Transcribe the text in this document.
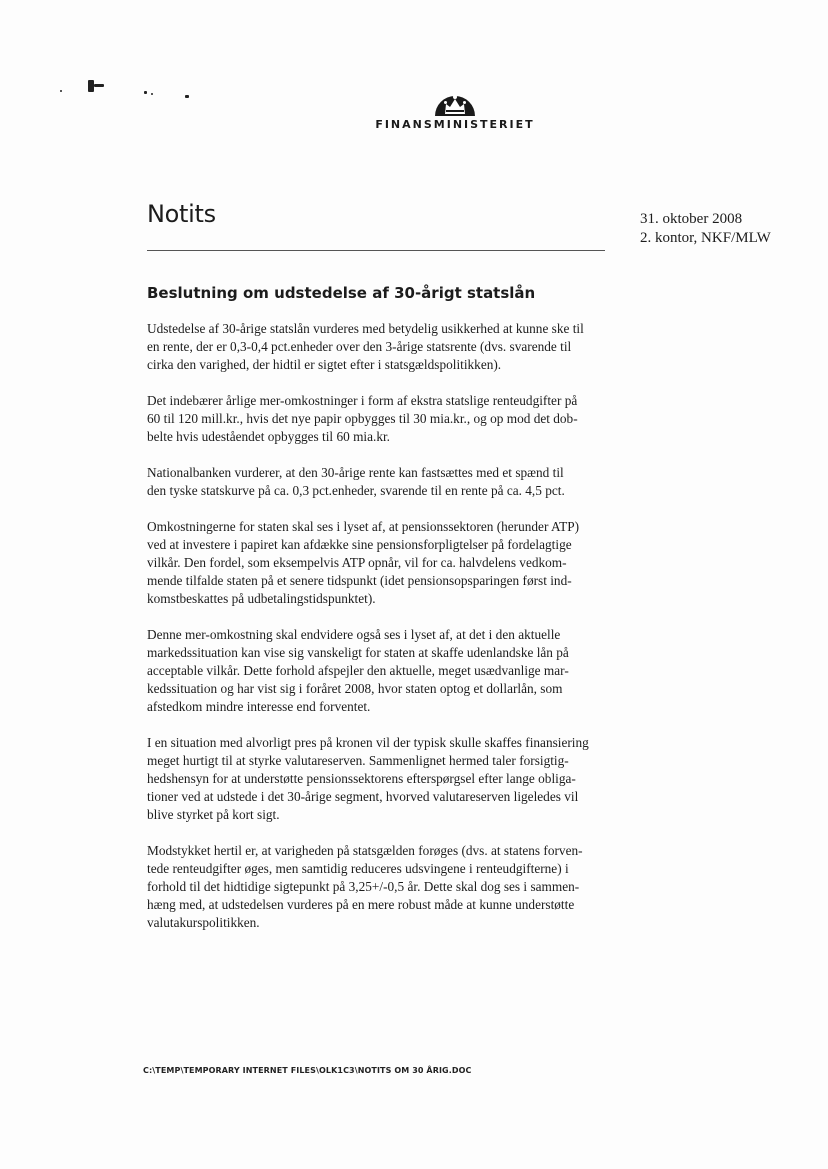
FINANSMINISTERIET
Notits	31. oktober 2008
2. kontor, NKF/MLW
Beslutning om udstedelse af 30-årigt statslån
Udstedelse af 30-årige statslån vurderes med betydelig usikkerhed at kunne ske til
en rente, der er 0,3-0,4 pct.enheder over den 3-årige statsrente (dvs. svarende til
cirka den varighed, der hidtil er sigtet efter i statsgældspolitikken).
Det indebærer årlige mer-omkostninger i form af ekstra statslige renteudgifter på
60 til 120 mill.kr., hvis det nye papir opbygges til 30 mia.kr., og op mod det dob-
belte hvis udeståendet opbygges til 60 mia.kr.
Nationalbanken vurderer, at den 30-årige rente kan fastsættes med et spænd til
den tyske statskurve på ca. 0,3 pct.enheder, svarende til en rente på ca. 4,5 pct.
Omkostningerne for staten skal ses i lyset af, at pensionssektoren (herunder ATP)
ved at investere i papiret kan afdække sine pensionsforpligtelser på fordelagtige
vilkår. Den fordel, som eksempelvis ATP opnår, vil for ca. halvdelens vedkom-
mende tilfalde staten på et senere tidspunkt (idet pensionsopsparingen først ind-
komstbeskattes på udbetalingstidspunktet).
Denne mer-omkostning skal endvidere også ses i lyset af, at det i den aktuelle
markedssituation kan vise sig vanskeligt for staten at skaffe udenlandske lån på
acceptable vilkår. Dette forhold afspejler den aktuelle, meget usædvanlige mar-
kedssituation og har vist sig i foråret 2008, hvor staten optog et dollarlån, som
afstedkom mindre interesse end forventet.
I en situation med alvorligt pres på kronen vil der typisk skulle skaffes finansiering
meget hurtigt til at styrke valutareserven. Sammenlignet hermed taler forsigtig-
hedshensyn for at understøtte pensionssektorens efterspørgsel efter lange obliga-
tioner ved at udstede i det 30-årige segment, hvorved valutareserven ligeledes vil
blive styrket på kort sigt.
Modstykket hertil er, at varigheden på statsgælden forøges (dvs. at statens forven-
tede renteudgifter øges, men samtidig reduceres udsvingene i renteudgifterne) i
forhold til det hidtidige sigtepunkt på 3,25+/-0,5 år. Dette skal dog ses i sammen-
hæng med, at udstedelsen vurderes på en mere robust måde at kunne understøtte
valutakurspolitikken.
C:\TEMP\TEMPORARY INTERNET FILES\OLK1C3\NOTITS OM 30 ÅRIG.DOC
